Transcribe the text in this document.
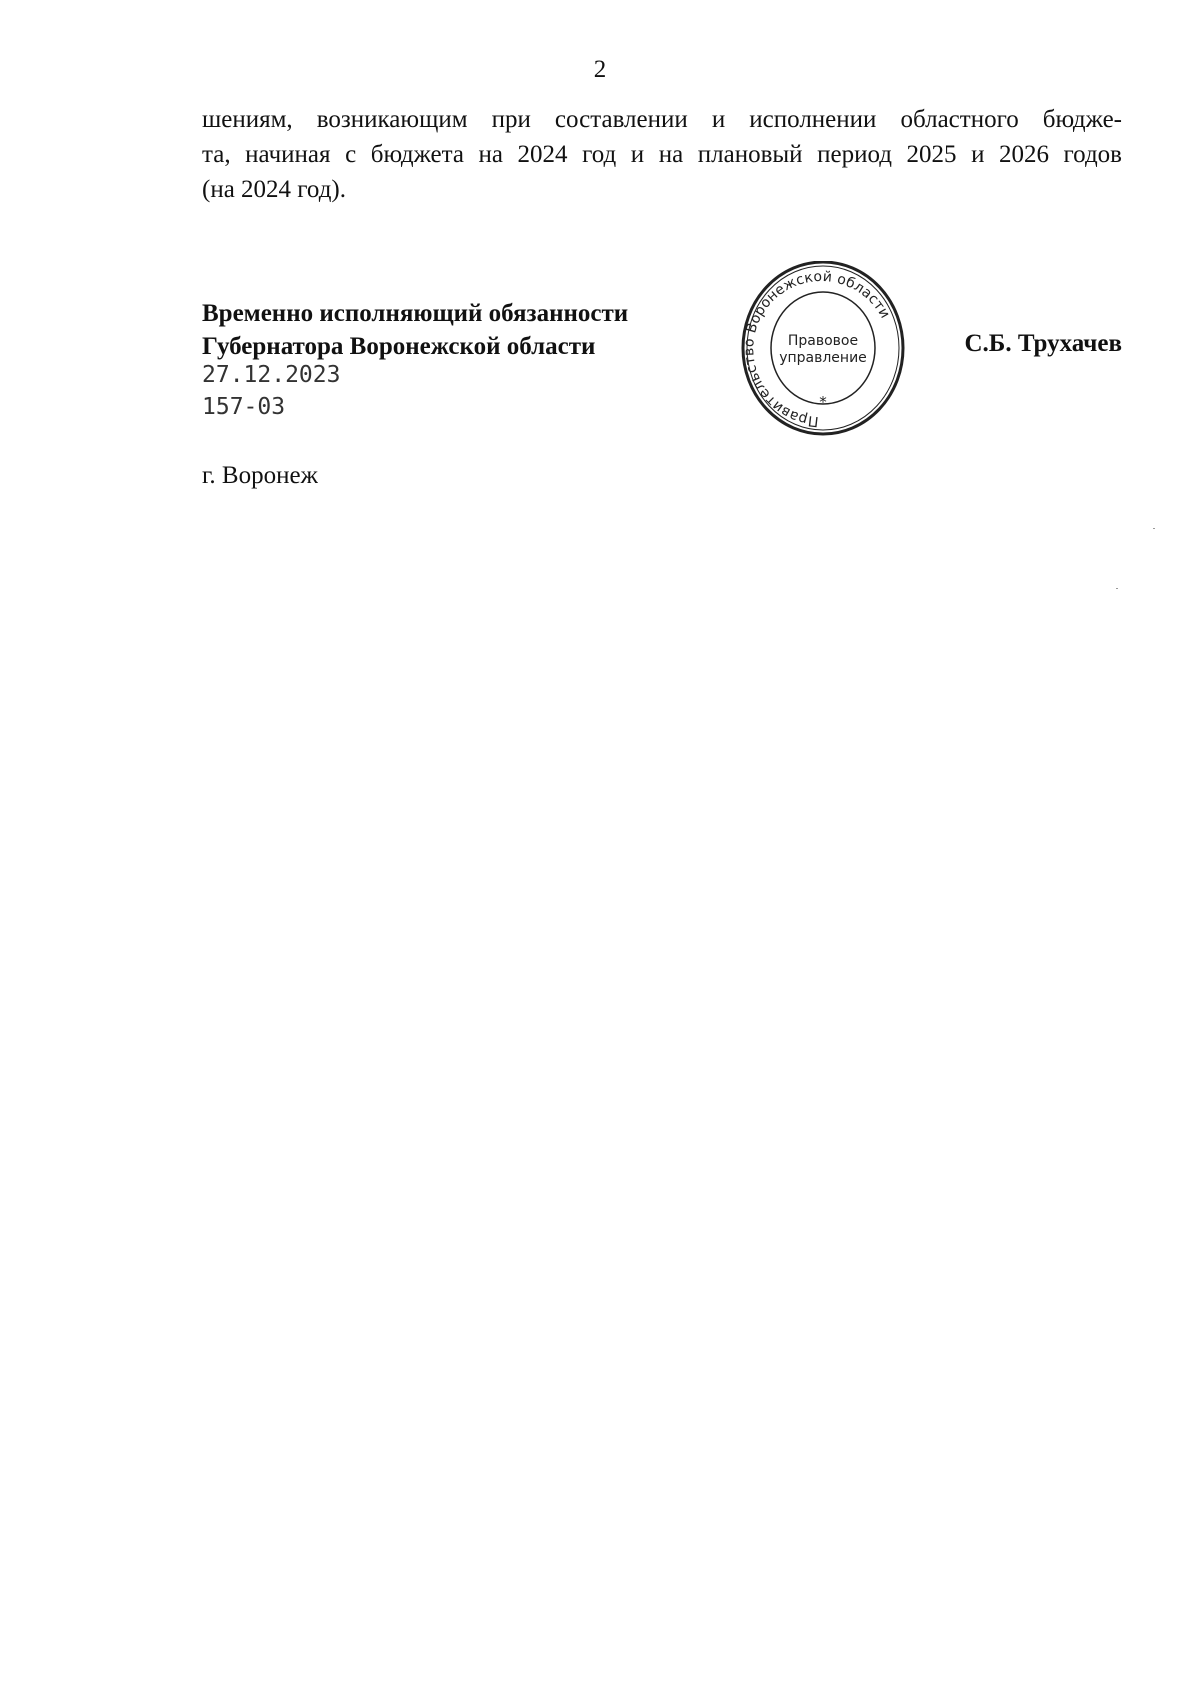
2
шениям, возникающим при составлении и исполнении областного бюдже-
та, начиная с бюджета на 2024 год и на плановый период 2025 и 2026 годов
(на 2024 год).
Временно исполняющий обязанности
Губернатора Воронежской области
27.12.2023
157-03
Правительство Воронежской области
Правовое
управление
*
С.Б. Трухачев
г. Воронеж
